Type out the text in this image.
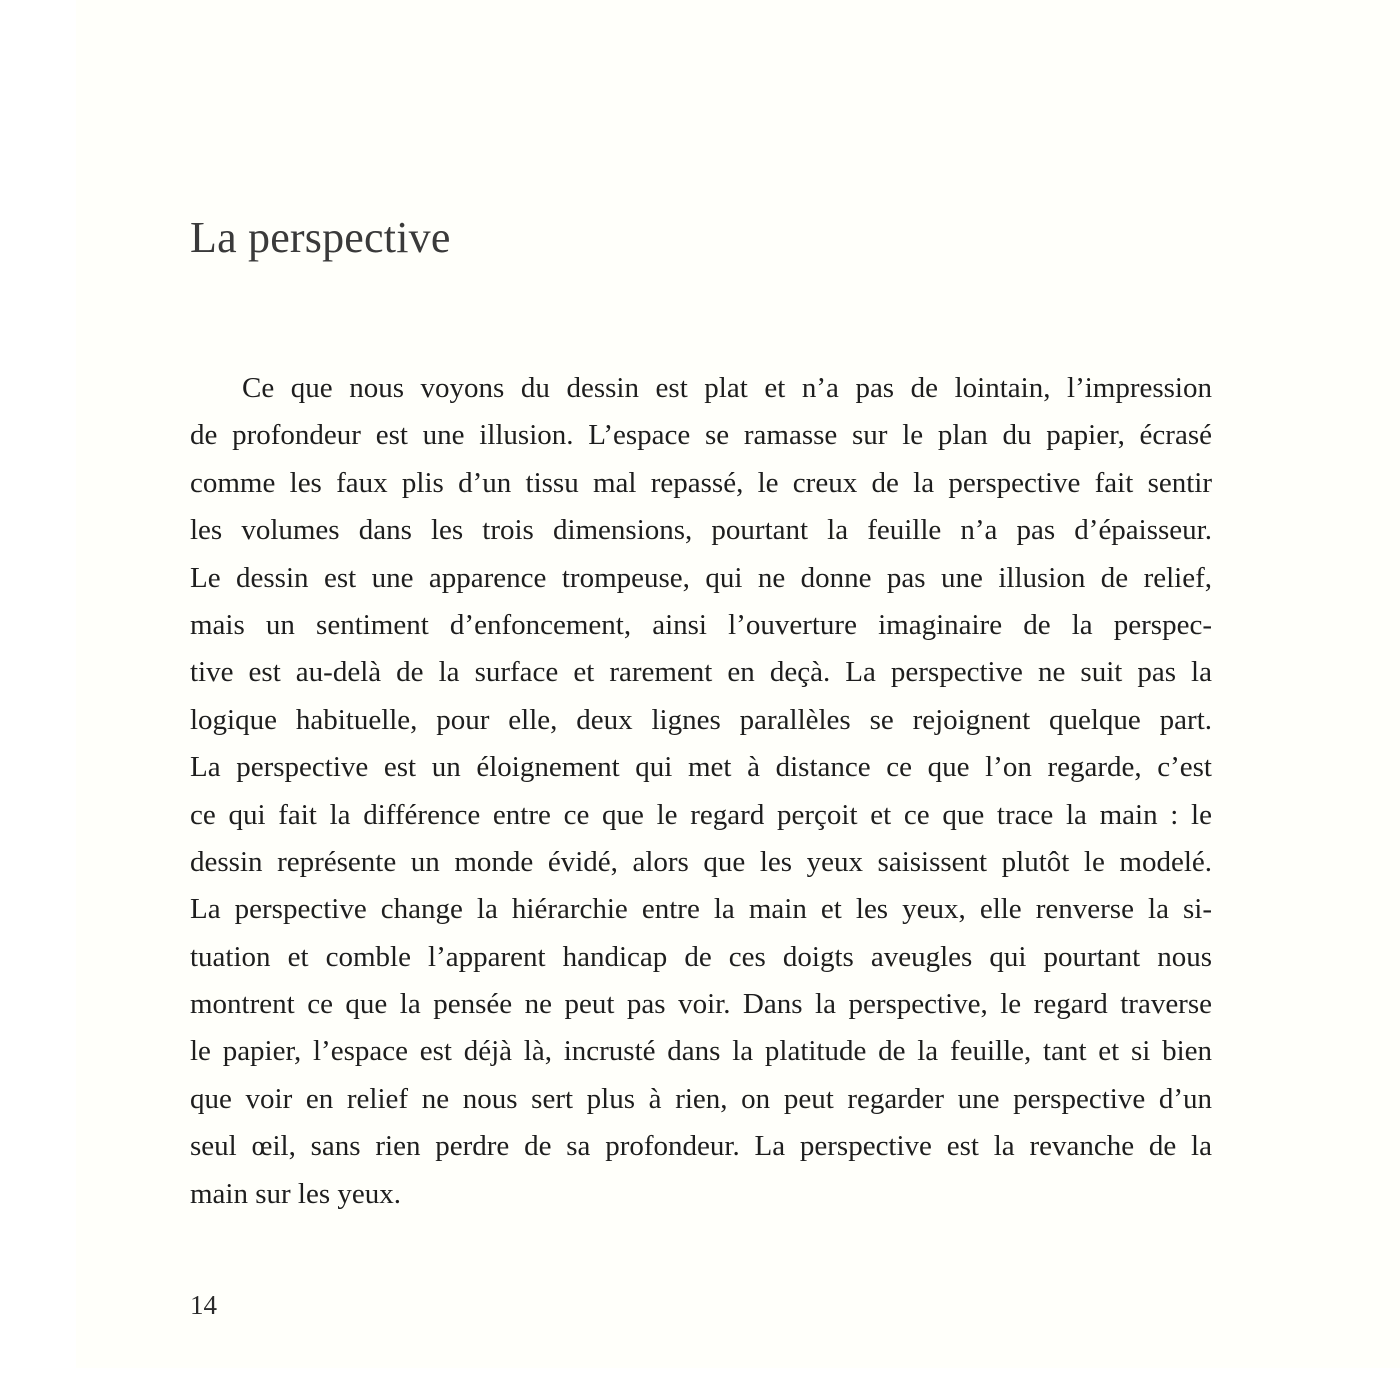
La perspective
Ce que nous voyons du dessin est plat et n’a pas de lointain, l’impression
de profondeur est une illusion. L’espace se ramasse sur le plan du papier, écrasé
comme les faux plis d’un tissu mal repassé, le creux de la perspective fait sentir
les volumes dans les trois dimensions, pourtant la feuille n’a pas d’épaisseur.
Le dessin est une apparence trompeuse, qui ne donne pas une illusion de relief,
mais un sentiment d’enfoncement, ainsi l’ouverture imaginaire de la perspec-
tive est au-delà de la surface et rarement en deçà. La perspective ne suit pas la
logique habituelle, pour elle, deux lignes parallèles se rejoignent quelque part.
La perspective est un éloignement qui met à distance ce que l’on regarde, c’est
ce qui fait la différence entre ce que le regard perçoit et ce que trace la main : le
dessin représente un monde évidé, alors que les yeux saisissent plutôt le modelé.
La perspective change la hiérarchie entre la main et les yeux, elle renverse la si-
tuation et comble l’apparent handicap de ces doigts aveugles qui pourtant nous
montrent ce que la pensée ne peut pas voir. Dans la perspective, le regard traverse
le papier, l’espace est déjà là, incrusté dans la platitude de la feuille, tant et si bien
que voir en relief ne nous sert plus à rien, on peut regarder une perspective d’un
seul œil, sans rien perdre de sa profondeur. La perspective est la revanche de la
main sur les yeux.
14
